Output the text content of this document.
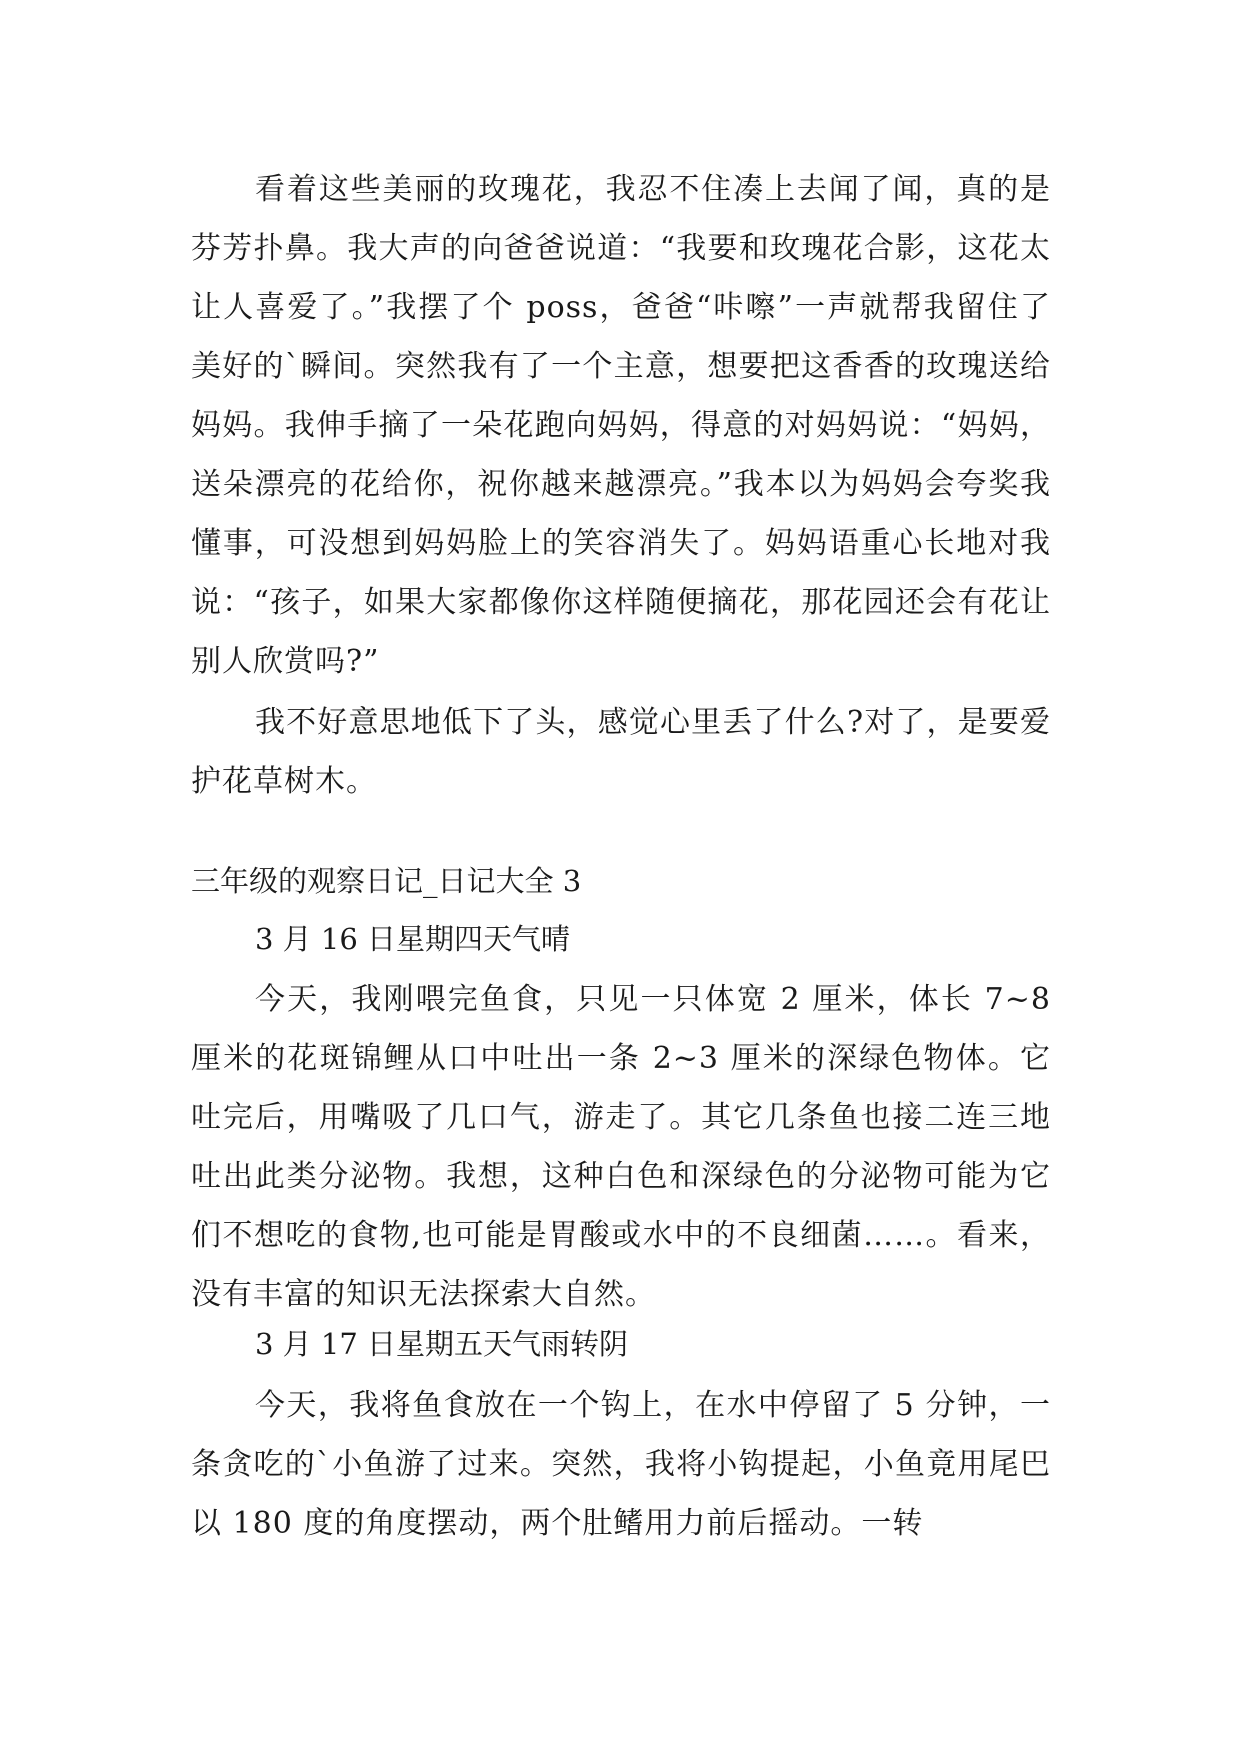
看着这些美丽的玫瑰花，我忍不住凑上去闻了闻，真的是芬芳扑鼻。我大声的向爸爸说道：“我要和玫瑰花合影，这花太让人喜爱了。”我摆了个 poss，爸爸“咔嚓”一声就帮我留住了美好的`瞬间。突然我有了一个主意，想要把这香香的玫瑰送给妈妈。我伸手摘了一朵花跑向妈妈，得意的对妈妈说：“妈妈，送朵漂亮的花给你，祝你越来越漂亮。”我本以为妈妈会夸奖我懂事，可没想到妈妈脸上的笑容消失了。妈妈语重心长地对我说：“孩子，如果大家都像你这样随便摘花，那花园还会有花让别人欣赏吗?”

我不好意思地低下了头，感觉心里丢了什么?对了，是要爱护花草树木。

三年级的观察日记_日记大全 3
3 月 16 日星期四天气晴

今天，我刚喂完鱼食，只见一只体宽 2 厘米，体长 7~8 厘米的花斑锦鲤从口中吐出一条 2~3 厘米的深绿色物体。它吐完后，用嘴吸了几口气，游走了。其它几条鱼也接二连三地吐出此类分泌物。我想，这种白色和深绿色的分泌物可能为它们不想吃的食物,也可能是胃酸或水中的不良细菌……。看来，没有丰富的知识无法探索大自然。

3 月 17 日星期五天气雨转阴

今天，我将鱼食放在一个钩上，在水中停留了 5 分钟，一条贪吃的`小鱼游了过来。突然，我将小钩提起，小鱼竟用尾巴以 180 度的角度摆动，两个肚鳍用力前后摇动。一转
